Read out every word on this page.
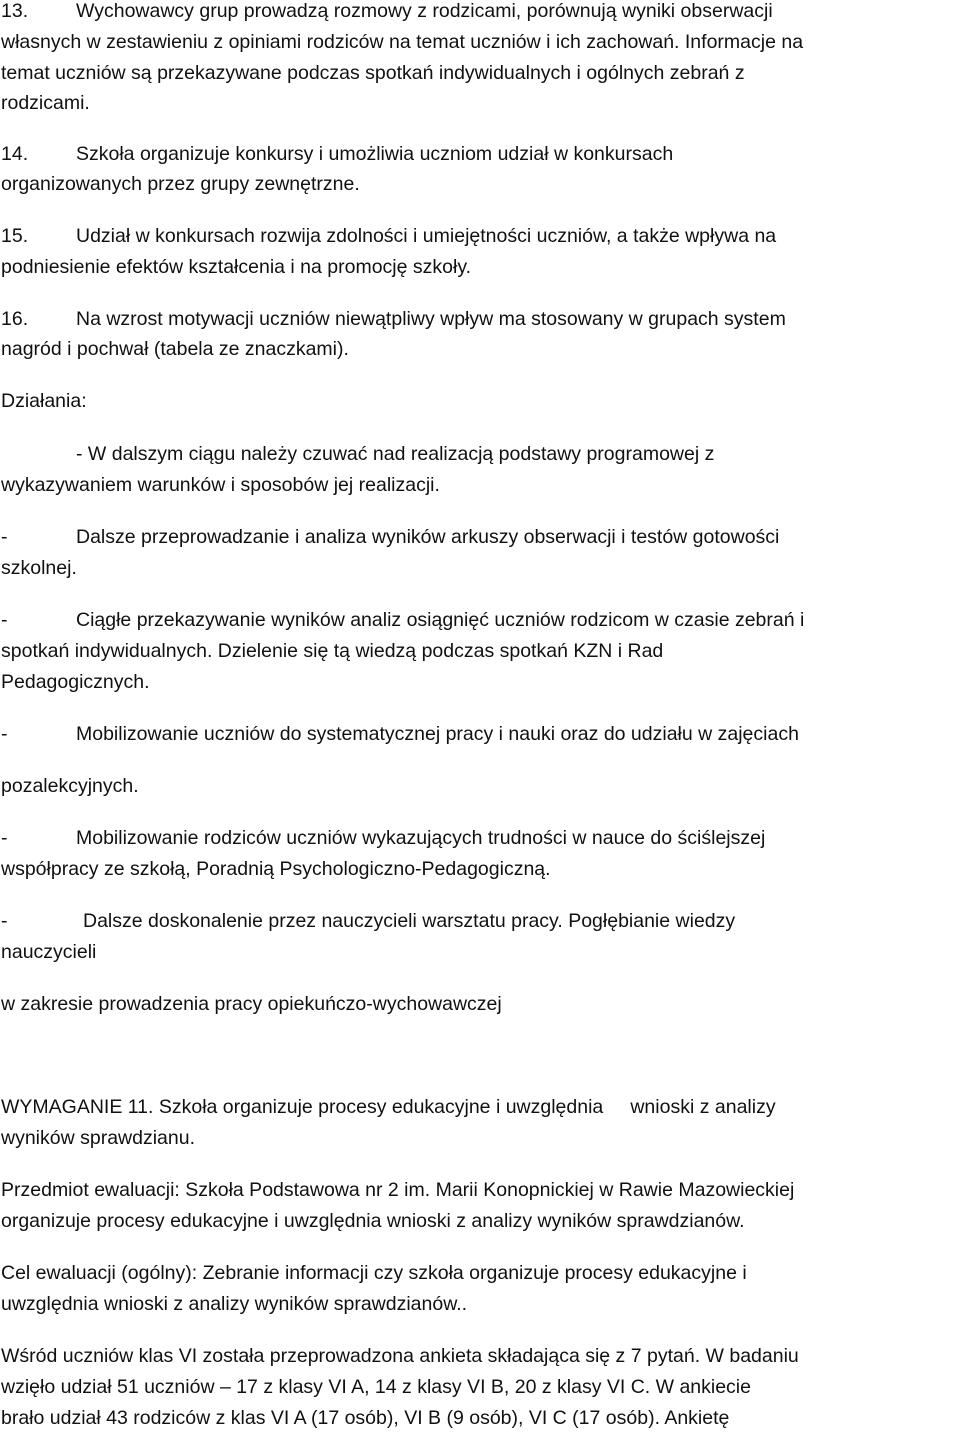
13. Wychowawcy grup prowadzą rozmowy z rodzicami, porównują wyniki obserwacji
własnych w zestawieniu z opiniami rodziców na temat uczniów i ich zachowań. Informacje na
temat uczniów są przekazywane podczas spotkań indywidualnych i ogólnych zebrań z
rodzicami.
14. Szkoła organizuje konkursy i umożliwia uczniom udział w konkursach
organizowanych przez grupy zewnętrzne.
15. Udział w konkursach rozwija zdolności i umiejętności uczniów, a także wpływa na
podniesienie efektów kształcenia i na promocję szkoły.
16. Na wzrost motywacji uczniów niewątpliwy wpływ ma stosowany w grupach system
nagród i pochwał (tabela ze znaczkami).
Działania:
- W dalszym ciągu należy czuwać nad realizacją podstawy programowej z
wykazywaniem warunków i sposobów jej realizacji.
-	Dalsze przeprowadzanie i analiza wyników arkuszy obserwacji i testów gotowości
szkolnej.
-	Ciągłe przekazywanie wyników analiz osiągnięć uczniów rodzicom w czasie zebrań i
spotkań indywidualnych. Dzielenie się tą wiedzą podczas spotkań KZN i Rad
Pedagogicznych.
-	Mobilizowanie uczniów do systematycznej pracy i nauki oraz do udziału w zajęciach
pozalekcyjnych.
-	Mobilizowanie rodziców uczniów wykazujących trudności w nauce do ściślejszej
współpracy ze szkołą, Poradnią Psychologiczno-Pedagogiczną.
-	Dalsze doskonalenie przez nauczycieli warsztatu pracy. Pogłębianie wiedzy
nauczycieli
w zakresie prowadzenia pracy opiekuńczo-wychowawczej
WYMAGANIE 11. Szkoła organizuje procesy edukacyjne i uwzględnia     wnioski z analizy
wyników sprawdzianu.
Przedmiot ewaluacji: Szkoła Podstawowa nr 2 im. Marii Konopnickiej w Rawie Mazowieckiej
organizuje procesy edukacyjne i uwzględnia wnioski z analizy wyników sprawdzianów.
Cel ewaluacji (ogólny): Zebranie informacji czy szkoła organizuje procesy edukacyjne i
uwzględnia wnioski z analizy wyników sprawdzianów..
Wśród uczniów klas VI została przeprowadzona ankieta składająca się z 7 pytań. W badaniu
wzięło udział 51 uczniów – 17 z klasy VI A, 14 z klasy VI B, 20 z klasy VI C. W ankiecie
brało udział 43 rodziców z klas VI A (17 osób), VI B (9 osób), VI C (17 osób). Ankietę
